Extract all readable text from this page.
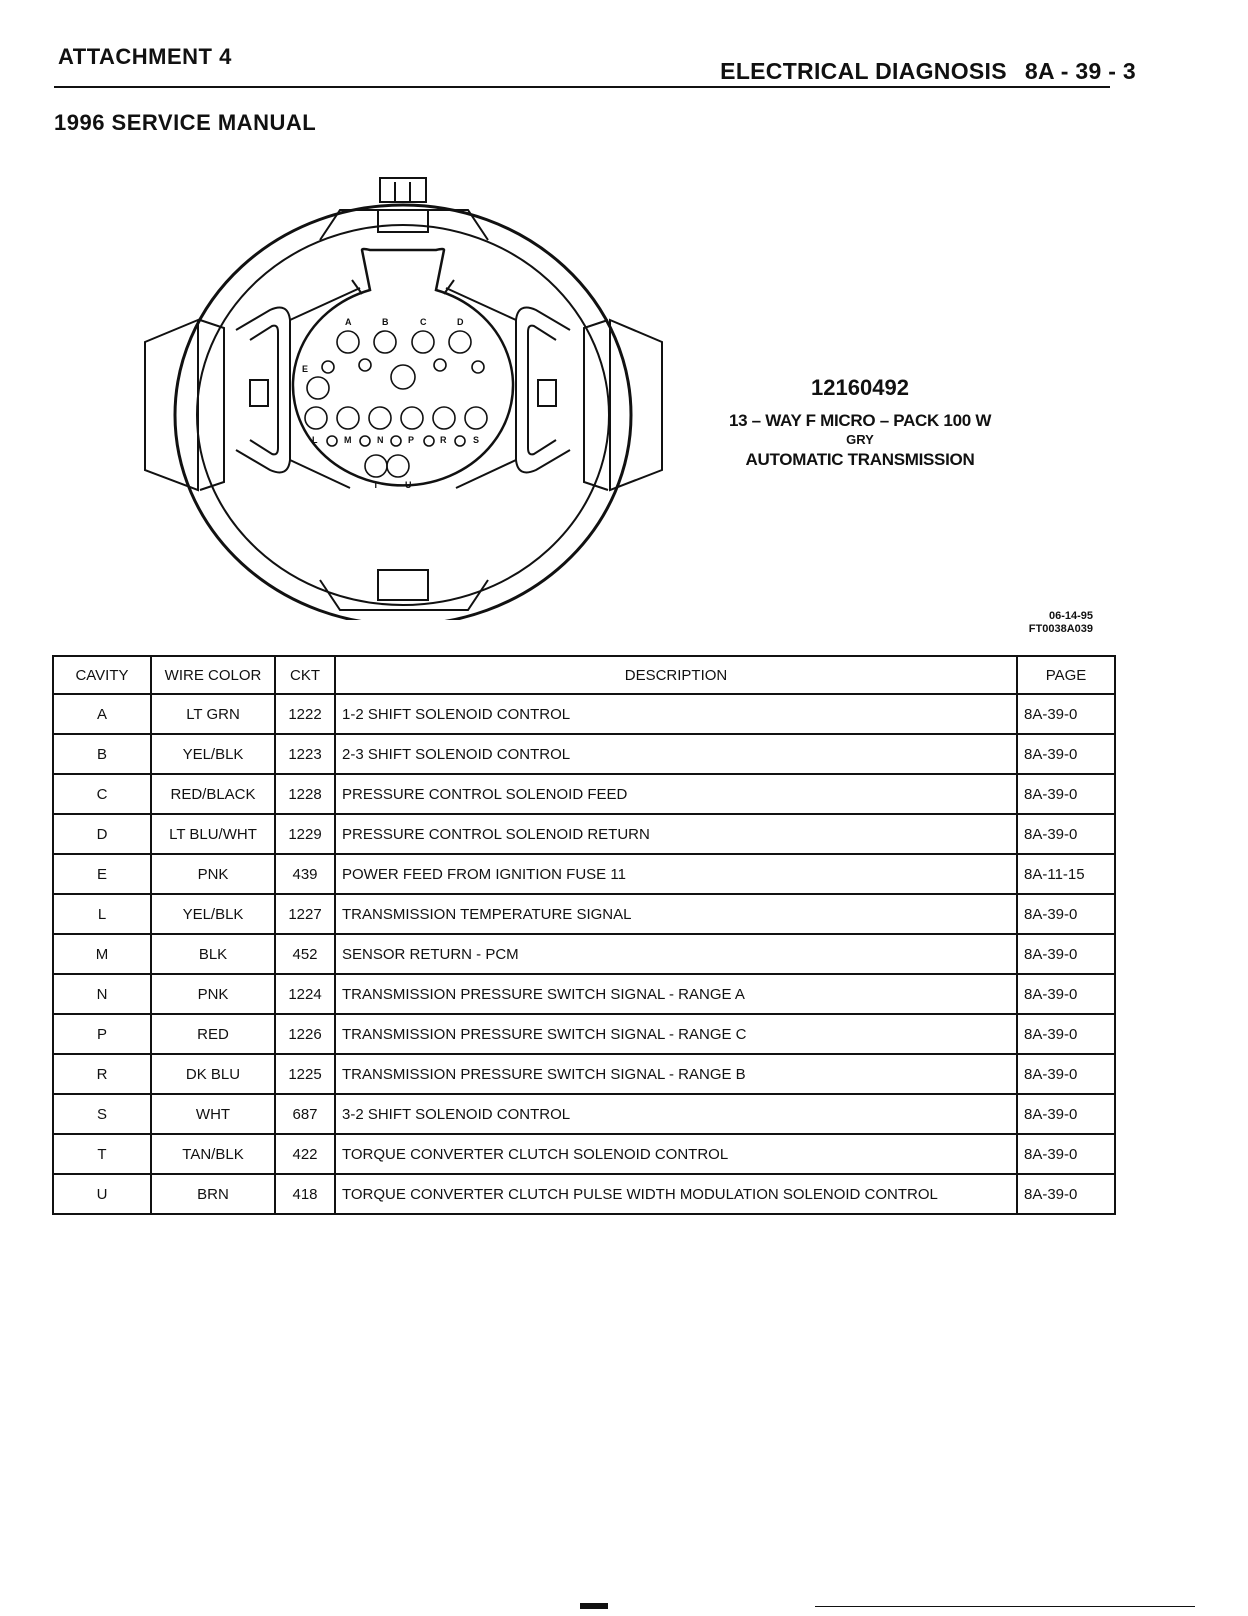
ATTACHMENT 4
ELECTRICAL DIAGNOSIS 8A - 39 - 3
1996 SERVICE MANUAL
A	B	C	D
E
L	M	N	P	R	S
T	U
12160492
13 – WAY F MICRO – PACK 100 W
GRY
AUTOMATIC TRANSMISSION
06-14-95
FT0038A039
CAVITY	WIRE COLOR	CKT	DESCRIPTION	PAGE
A	LT GRN	1222	1-2 SHIFT SOLENOID CONTROL	8A-39-0
B	YEL/BLK	1223	2-3 SHIFT SOLENOID CONTROL	8A-39-0
C	RED/BLACK	1228	PRESSURE CONTROL SOLENOID FEED	8A-39-0
D	LT BLU/WHT	1229	PRESSURE CONTROL SOLENOID RETURN	8A-39-0
E	PNK	439	POWER FEED FROM IGNITION FUSE 11	8A-11-15
L	YEL/BLK	1227	TRANSMISSION TEMPERATURE SIGNAL	8A-39-0
M	BLK	452	SENSOR RETURN - PCM	8A-39-0
N	PNK	1224	TRANSMISSION PRESSURE SWITCH SIGNAL - RANGE A	8A-39-0
P	RED	1226	TRANSMISSION PRESSURE SWITCH SIGNAL - RANGE C	8A-39-0
R	DK BLU	1225	TRANSMISSION PRESSURE SWITCH SIGNAL - RANGE B	8A-39-0
S	WHT	687	3-2 SHIFT SOLENOID CONTROL	8A-39-0
T	TAN/BLK	422	TORQUE CONVERTER CLUTCH SOLENOID CONTROL	8A-39-0
U	BRN	418	TORQUE CONVERTER CLUTCH PULSE WIDTH MODULATION SOLENOID CONTROL	8A-39-0
